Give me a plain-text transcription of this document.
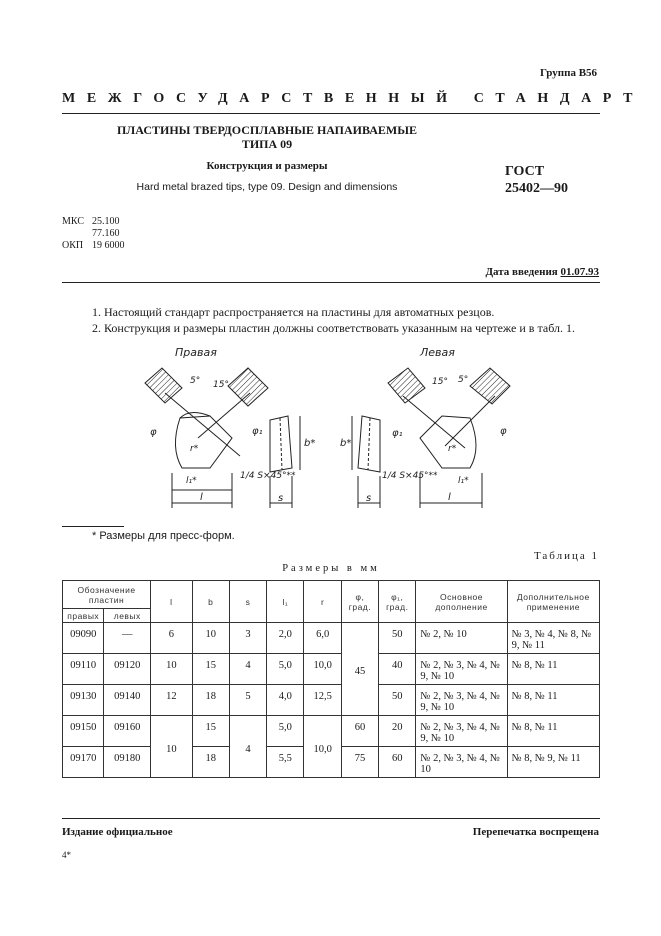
Группа В56
МЕЖГОСУДАРСТВЕННЫЙ СТАНДАРТ
ПЛАСТИНЫ ТВЕРДОСПЛАВНЫЕ НАПАИВАЕМЫЕ ТИПА 09
Конструкция и размеры
Hard metal brazed tips, type 09. Design and dimensions
ГОСТ
25402—90
МКС 25.100
77.160
ОКП 19 6000
Дата введения 01.07.93
1. Настоящий стандарт распространяется на пластины для автоматных резцов.
2. Конструкция и размеры пластин должны соответствовать указанным на чертеже и в табл. 1.
Правая
5° 15°
φ	φ₁
r*
l₁*
l
b*
1/4 S×45°**
s
Левая
15° 5°
b*
φ₁	φ
r*
l₁*
1/4 S×45°**
s	l
* Размеры для пресс-форм.
Таблица 1
Размеры в мм
Обозначение пластин		l	b	s	l₁	r	φ, град.	φ₁, град.	Основное дополнение	Дополнительное применение
правых	левых									
09090	—	6	10	3	2,0	6,0	45	50	№ 2, № 10	№ 3, № 4, № 8, № 9, № 11
09110	09120	10	15	4	5,0	10,0		40	№ 2, № 3, № 4, № 9, № 10	№ 8, № 11
09130	09140	12	18	5	4,0	12,5		50	№ 2, № 3, № 4, № 9, № 10	№ 8, № 11
09150	09160	10	15	4	5,0	10,0	60	20	№ 2, № 3, № 4, № 9, № 10	№ 8, № 11
09170	09180		18		5,5		75	60	№ 2, № 3, № 4, № 10	№ 8, № 9, № 11
Издание официальное	Перепечатка воспрещена
4*
